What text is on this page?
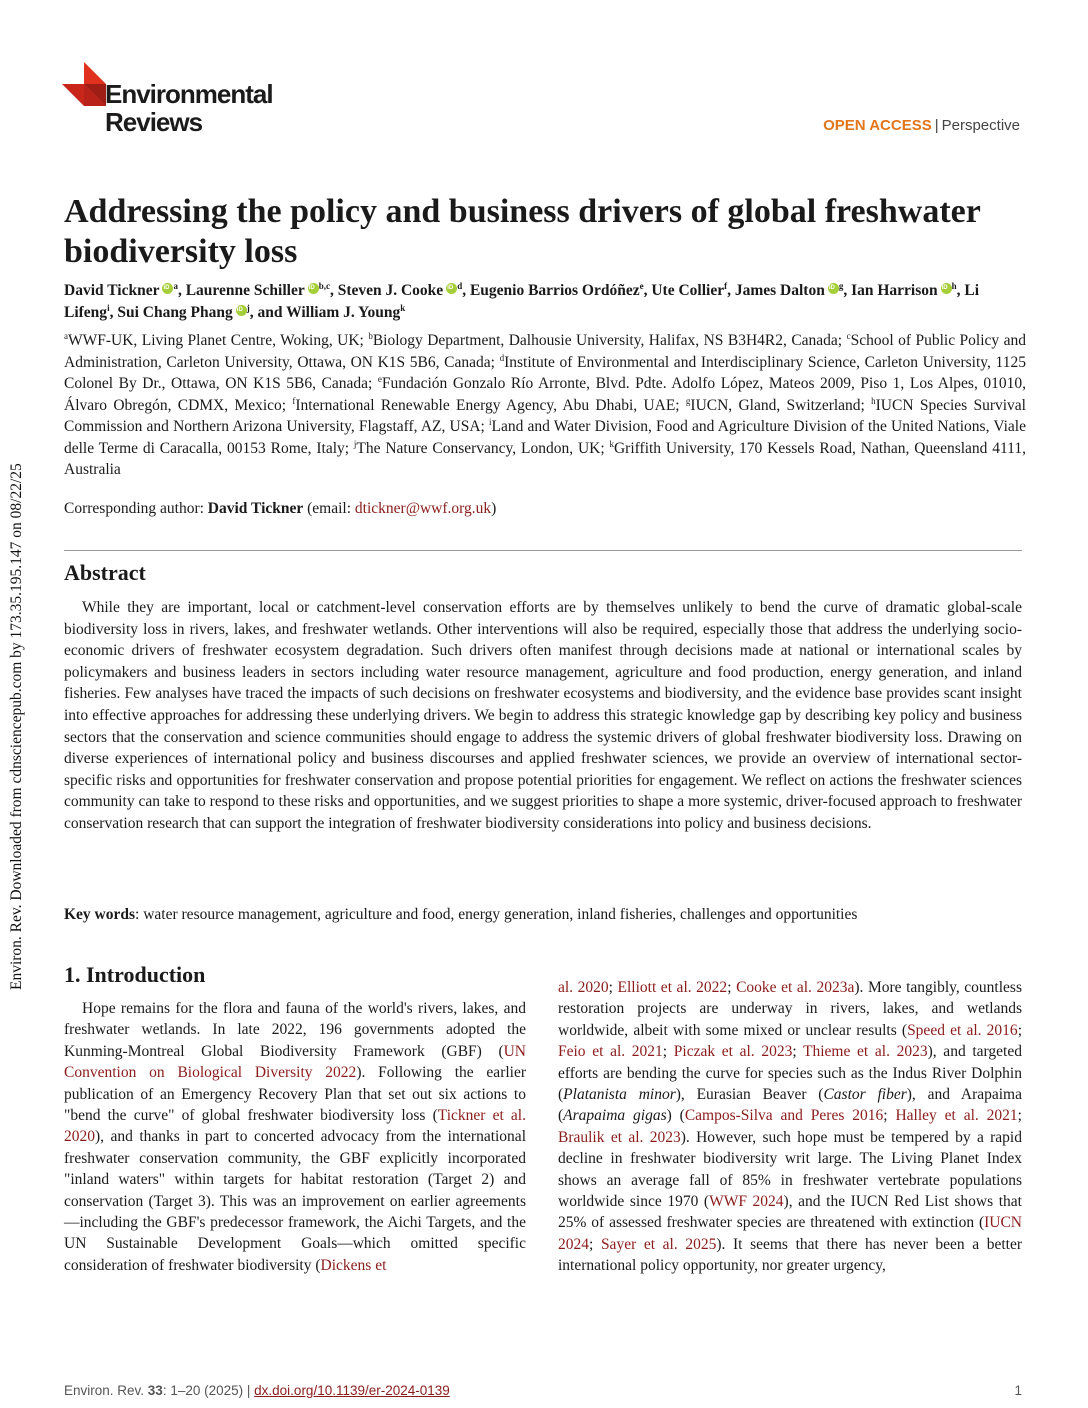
Environ. Rev. Downloaded from cdnsciencepub.com by 173.35.195.147 on 08/22/25
Environmental
Reviews	OPEN ACCESS | Perspective
Addressing the policy and business drivers of global freshwater biodiversity loss
David Tickner iD $^a$, Laurenne Schiller iD $^{b,c}$, Steven J. Cooke iD $^d$, Eugenio Barrios Ordóñez$^e$, Ute Collier$^f$, James Dalton iD $^g$, Ian Harrison iD $^h$, Li Lifeng$^i$, Sui Chang Phang iD $^j$, and William J. Young$^k$
$^a$WWF-UK, Living Planet Centre, Woking, UK; $^b$Biology Department, Dalhousie University, Halifax, NS B3H4R2, Canada; $^c$School of Public Policy and Administration, Carleton University, Ottawa, ON K1S 5B6, Canada; $^d$Institute of Environmental and Interdisciplinary Science, Carleton University, 1125 Colonel By Dr., Ottawa, ON K1S 5B6, Canada; $^e$Fundación Gonzalo Río Arronte, Blvd. Pdte. Adolfo López, Mateos 2009, Piso 1, Los Alpes, 01010, Álvaro Obregón, CDMX, Mexico; $^f$International Renewable Energy Agency, Abu Dhabi, UAE; $^g$IUCN, Gland, Switzerland; $^h$IUCN Species Survival Commission and Northern Arizona University, Flagstaff, AZ, USA; $^i$Land and Water Division, Food and Agriculture Division of the United Nations, Viale delle Terme di Caracalla, 00153 Rome, Italy; $^j$The Nature Conservancy, London, UK; $^k$Griffith University, 170 Kessels Road, Nathan, Queensland 4111, Australia
Corresponding author: David Tickner (email: dtickner@wwf.org.uk)
Abstract

While they are important, local or catchment-level conservation efforts are by themselves unlikely to bend the curve of dramatic global-scale biodiversity loss in rivers, lakes, and freshwater wetlands. Other interventions will also be required, especially those that address the underlying socio-economic drivers of freshwater ecosystem degradation. Such drivers often manifest through decisions made at national or international scales by policymakers and business leaders in sectors including water resource management, agriculture and food production, energy generation, and inland fisheries. Few analyses have traced the impacts of such decisions on freshwater ecosystems and biodiversity, and the evidence base provides scant insight into effective approaches for addressing these underlying drivers. We begin to address this strategic knowledge gap by describing key policy and business sectors that the conservation and science communities should engage to address the systemic drivers of global freshwater biodiversity loss. Drawing on diverse experiences of international policy and business discourses and applied freshwater sciences, we provide an overview of international sector-specific risks and opportunities for freshwater conservation and propose potential priorities for engagement. We reflect on actions the freshwater sciences community can take to respond to these risks and opportunities, and we suggest priorities to shape a more systemic, driver-focused approach to freshwater conservation research that can support the integration of freshwater biodiversity considerations into policy and business decisions.

Key words: water resource management, agriculture and food, energy generation, inland fisheries, challenges and opportunities

1. Introduction

Hope remains for the flora and fauna of the world's rivers, lakes, and freshwater wetlands. In late 2022, 196 governments adopted the Kunming-Montreal Global Biodiversity Framework (GBF) (UN Convention on Biological Diversity 2022). Following the earlier publication of an Emergency Recovery Plan that set out six actions to "bend the curve" of global freshwater biodiversity loss (Tickner et al. 2020), and thanks in part to concerted advocacy from the international freshwater conservation community, the GBF explicitly incorporated "inland waters" within targets for habitat restoration (Target 2) and conservation (Target 3). This was an improvement on earlier agreements—including the GBF's predecessor framework, the Aichi Targets, and the UN Sustainable Development Goals—which omitted specific consideration of freshwater biodiversity (Dickens et

al. 2020; Elliott et al. 2022; Cooke et al. 2023a). More tangibly, countless restoration projects are underway in rivers, lakes, and wetlands worldwide, albeit with some mixed or unclear results (Speed et al. 2016; Feio et al. 2021; Piczak et al. 2023; Thieme et al. 2023), and targeted efforts are bending the curve for species such as the Indus River Dolphin (Platanista minor), Eurasian Beaver (Castor fiber), and Arapaima (Arapaima gigas) (Campos-Silva and Peres 2016; Halley et al. 2021; Braulik et al. 2023). However, such hope must be tempered by a rapid decline in freshwater biodiversity writ large. The Living Planet Index shows an average fall of 85% in freshwater vertebrate populations worldwide since 1970 (WWF 2024), and the IUCN Red List shows that 25% of assessed freshwater species are threatened with extinction (IUCN 2024; Sayer et al. 2025). It seems that there has never been a better international policy opportunity, nor greater urgency,

Environ. Rev. 33: 1–20 (2025) | dx.doi.org/10.1139/er-2024-0139	1
